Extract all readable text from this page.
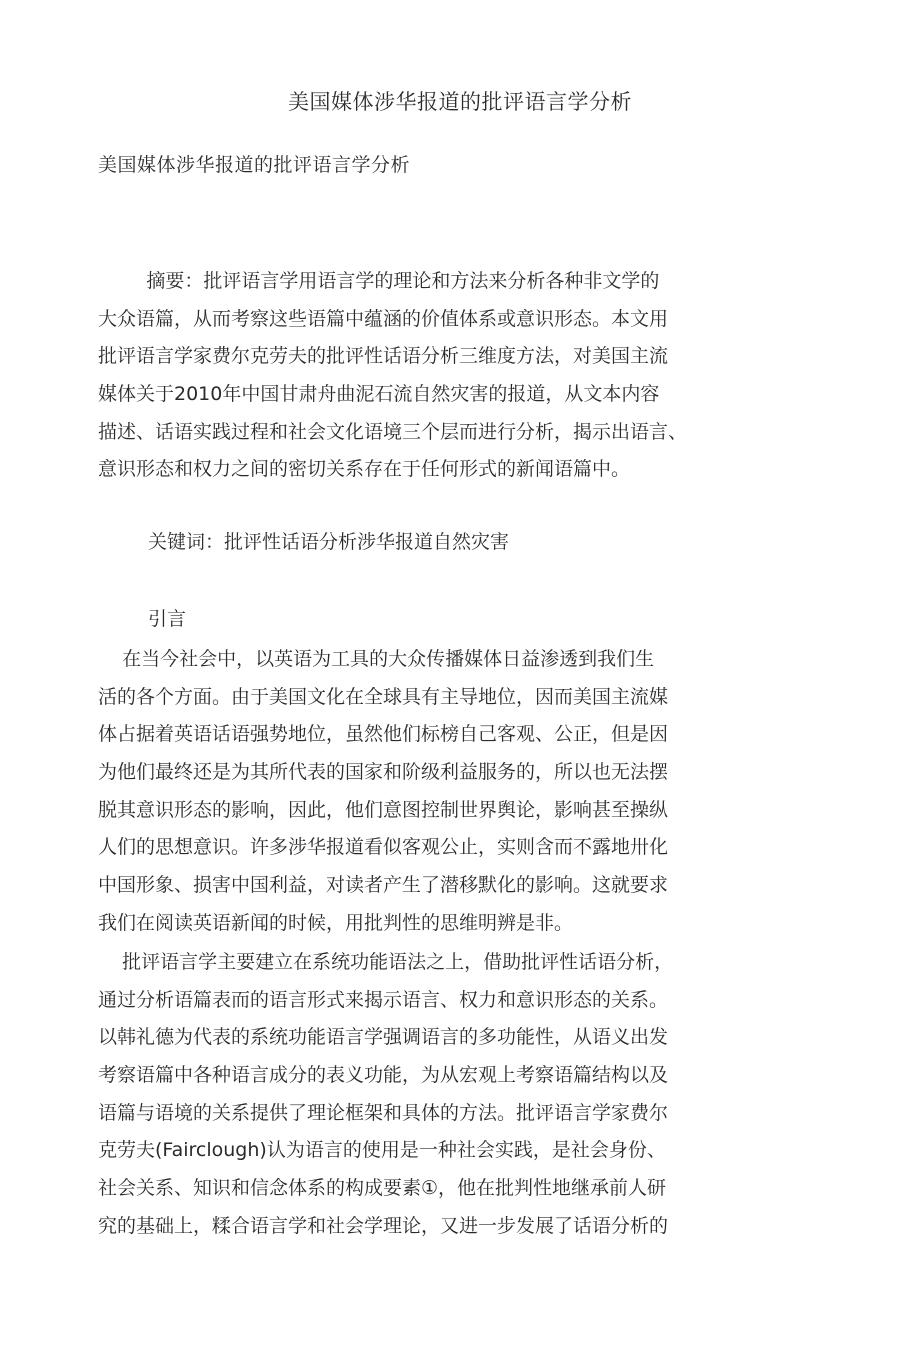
美国媒体涉华报道的批评语言学分析
美国媒体涉华报道的批评语言学分析
摘要：批评语言学用语言学的理论和方法来分析各种非文学的
大众语篇，从而考察这些语篇中蕴涵的价值体系或意识形态。本文用
批评语言学家费尔克劳夫的批评性话语分析三维度方法，对美国主流
媒体关于2010年中国甘肃舟曲泥石流自然灾害的报道，从文本内容
描述、话语实践过程和社会文化语境三个层而进行分析，揭示出语言、
意识形态和权力之间的密切关系存在于任何形式的新闻语篇中。
关键词：批评性话语分析涉华报道自然灾害
引言
在当今社会中，以英语为工具的大众传播媒体日益渗透到我们生
活的各个方面。由于美国文化在全球具有主导地位，因而美国主流媒
体占据着英语话语强势地位，虽然他们标榜自己客观、公正，但是因
为他们最终还是为其所代表的国家和阶级利益服务的，所以也无法摆
脱其意识形态的影响，因此，他们意图控制世界舆论，影响甚至操纵
人们的思想意识。许多涉华报道看似客观公止，实则含而不露地卅化
中国形象、损害中国利益，对读者产生了潜移默化的影响。这就要求
我们在阅读英语新闻的时候，用批判性的思维明辨是非。
批评语言学主要建立在系统功能语法之上，借助批评性话语分析，
通过分析语篇表而的语言形式来揭示语言、权力和意识形态的关系。
以韩礼德为代表的系统功能语言学强调语言的多功能性，从语义出发
考察语篇中各种语言成分的表义功能，为从宏观上考察语篇结构以及
语篇与语境的关系提供了理论框架和具体的方法。批评语言学家费尔
克劳夫(Fairclough)认为语言的使用是一种社会实践，是社会身份、
社会关系、知识和信念体系的构成要素①，他在批判性地继承前人研
究的基础上，糅合语言学和社会学理论，又进一步发展了话语分析的
